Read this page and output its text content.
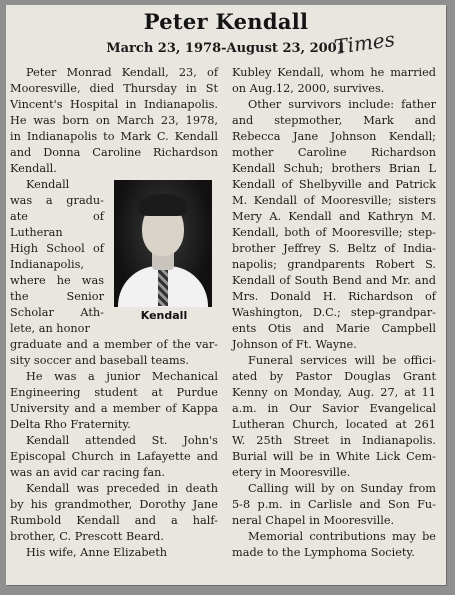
Peter Kendall
March 23, 1978-August 23, 2001
Times
Peter Monrad Kendall, 23, of
Mooresville, died Thursday in St
Vincent's Hospital in Indianapolis.
He was born on March 23, 1978,
in Indianapolis to Mark C. Kendall
and Donna Caroline Richardson
Kendall.
Kendall
was a gradu-
ate of
Lutheran
High School of
Indianapolis,
where he was
the Senior
Scholar Ath-
lete, an honor
graduate and a member of the var-
sity soccer and baseball teams.
He was a junior Mechanical
Engineering student at Purdue
University and a member of Kappa
Delta Rho Fraternity.
Kendall attended St. John's
Episcopal Church in Lafayette and
was an avid car racing fan.
Kendall was preceded in death
by his grandmother, Dorothy Jane
Rumbold Kendall and a half-
brother, C. Prescott Beard.
His wife, Anne Elizabeth
Kubley Kendall, whom he married
on Aug.12, 2000, survives.
Other survivors include: father
and stepmother, Mark and
Rebecca Jane Johnson Kendall;
mother Caroline Richardson
Kendall Schuh; brothers Brian L
Kendall of Shelbyville and Patrick
M. Kendall of Mooresville; sisters
Mery A. Kendall and Kathryn M.
Kendall, both of Mooresville; step-
brother Jeffrey S. Beltz of India-
napolis; grandparents Robert S.
Kendall of South Bend and Mr. and
Mrs. Donald H. Richardson of
Washington, D.C.; step-grandpar-
ents Otis and Marie Campbell
Johnson of Ft. Wayne.
Funeral services will be offici-
ated by Pastor Douglas Grant
Kenny on Monday, Aug. 27, at 11
a.m. in Our Savior Evangelical
Lutheran Church, located at 261
W. 25th Street in Indianapolis.
Burial will be in White Lick Cem-
etery in Mooresville.
Calling will by on Sunday from
5-8 p.m. in Carlisle and Son Fu-
neral Chapel in Mooresville.
Memorial contributions may be
made to the Lymphoma Society.
Kendall
